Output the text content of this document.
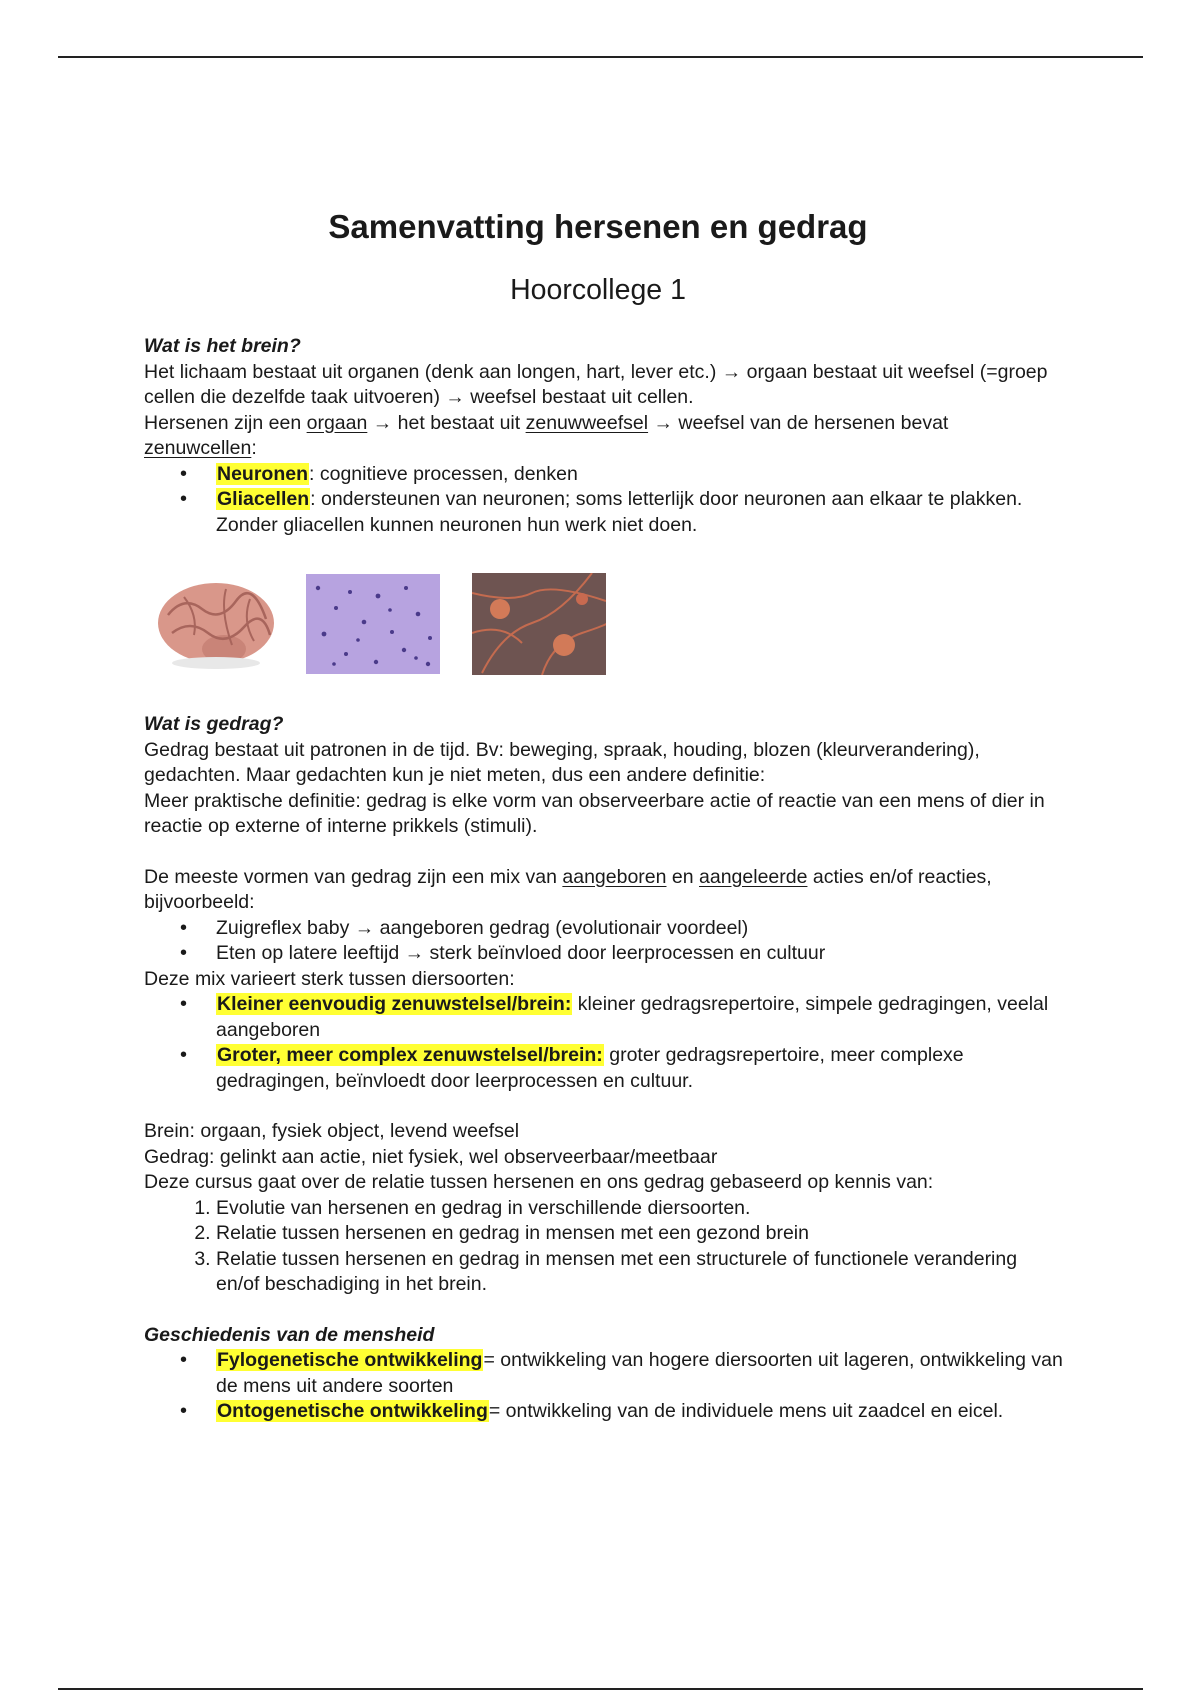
Samenvatting hersenen en gedrag
Hoorcollege 1

Wat is het brein?

Het lichaam bestaat uit organen (denk aan longen, hart, lever etc.) → orgaan bestaat uit weefsel (=groep cellen die dezelfde taak uitvoeren) → weefsel bestaat uit cellen.

Hersenen zijn een orgaan → het bestaat uit zenuwweefsel → weefsel van de hersenen bevat zenuwcellen:

• Neuronen: cognitieve processen, denken
• Gliacellen: ondersteunen van neuronen; soms letterlijk door neuronen aan elkaar te plakken. Zonder gliacellen kunnen neuronen hun werk niet doen.

Wat is gedrag?

Gedrag bestaat uit patronen in de tijd. Bv: beweging, spraak, houding, blozen (kleurverandering), gedachten. Maar gedachten kun je niet meten, dus een andere definitie:

Meer praktische definitie: gedrag is elke vorm van observeerbare actie of reactie van een mens of dier in reactie op externe of interne prikkels (stimuli).

De meeste vormen van gedrag zijn een mix van aangeboren en aangeleerde acties en/of reacties, bijvoorbeeld:

• Zuigreflex baby → aangeboren gedrag (evolutionair voordeel)
• Eten op latere leeftijd → sterk beïnvloed door leerprocessen en cultuur

Deze mix varieert sterk tussen diersoorten:

• Kleiner eenvoudig zenuwstelsel/brein: kleiner gedragsrepertoire, simpele gedragingen, veelal aangeboren
• Groter, meer complex zenuwstelsel/brein: groter gedragsrepertoire, meer complexe gedragingen, beïnvloedt door leerprocessen en cultuur.

Brein: orgaan, fysiek object, levend weefsel

Gedrag: gelinkt aan actie, niet fysiek, wel observeerbaar/meetbaar

Deze cursus gaat over de relatie tussen hersenen en ons gedrag gebaseerd op kennis van:

1. Evolutie van hersenen en gedrag in verschillende diersoorten.
2. Relatie tussen hersenen en gedrag in mensen met een gezond brein
3. Relatie tussen hersenen en gedrag in mensen met een structurele of functionele verandering en/of beschadiging in het brein.

Geschiedenis van de mensheid

• Fylogenetische ontwikkeling= ontwikkeling van hogere diersoorten uit lageren, ontwikkeling van de mens uit andere soorten
• Ontogenetische ontwikkeling= ontwikkeling van de individuele mens uit zaadcel en eicel.
